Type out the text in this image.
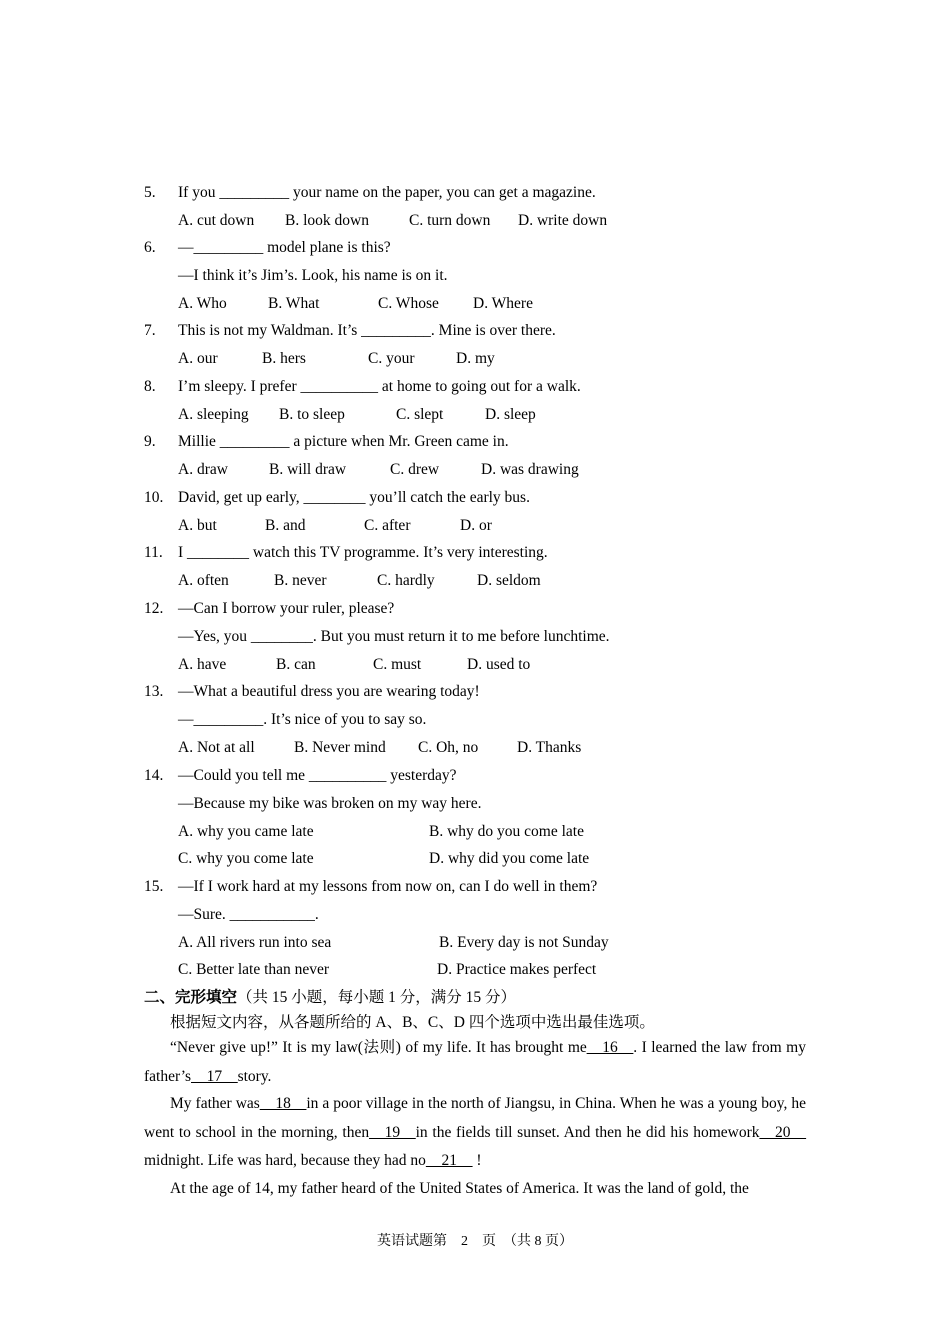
5. If you _________ your name on the paper, you can get a magazine.
A. cut down B. look down	C. turn down D. write down
6. —_________ model plane is this?
—I think it’s Jim’s. Look, his name is on it.
A. Who	B. What	C. Whose D. Where
7. This is not my Waldman. It’s _________. Mine is over there.
A. our	B. hers	C. your	D. my
8. I’m sleepy. I prefer __________ at home to going out for a walk.
A. sleeping B. to sleep	C. slept	D. sleep
9. Millie _________ a picture when Mr. Green came in.
A. draw	B. will draw	C. drew	D. was drawing
10. David, get up early, ________ you’ll catch the early bus.
A. but	B. and	C. after	D. or
11. I ________ watch this TV programme. It’s very interesting.
A. often	B. never	C. hardly	D. seldom
12. —Can I borrow your ruler, please?
—Yes, you ________. But you must return it to me before lunchtime.
A. have	B. can	C. must	D. used to
13. —What a beautiful dress you are wearing today!
—_________. It’s nice of you to say so.
A. Not at all	B. Never mind C. Oh, no D. Thanks
14. —Could you tell me __________ yesterday?
—Because my bike was broken on my way here.
A. why you came late	B. why do you come late
C. why you come late	D. why did you come late
15. —If I work hard at my lessons from now on, can I do well in them?
—Sure. ___________.
A. All rivers run into sea	B. Every day is not Sunday
C. Better late than never	D. Practice makes perfect
二、完形填空（共 15 小题，每小题 1 分，满分 15 分）
根据短文内容，从各题所给的 A、B、C、D 四个选项中选出最佳选项。
“Never give up!” It is my law(法则) of my life. It has brought me__16__. I learned the law from my father’s__17__story.
My father was__18__in a poor village in the north of Jiangsu, in China. When he was a young boy, he went to school in the morning, then__19__in the fields till sunset. And then he did his homework__20__ midnight. Life was hard, because they had no__21__ !
At the age of 14, my father heard of the United States of America. It was the land of gold, the
英语试题第　2　页  （共 8 页）
